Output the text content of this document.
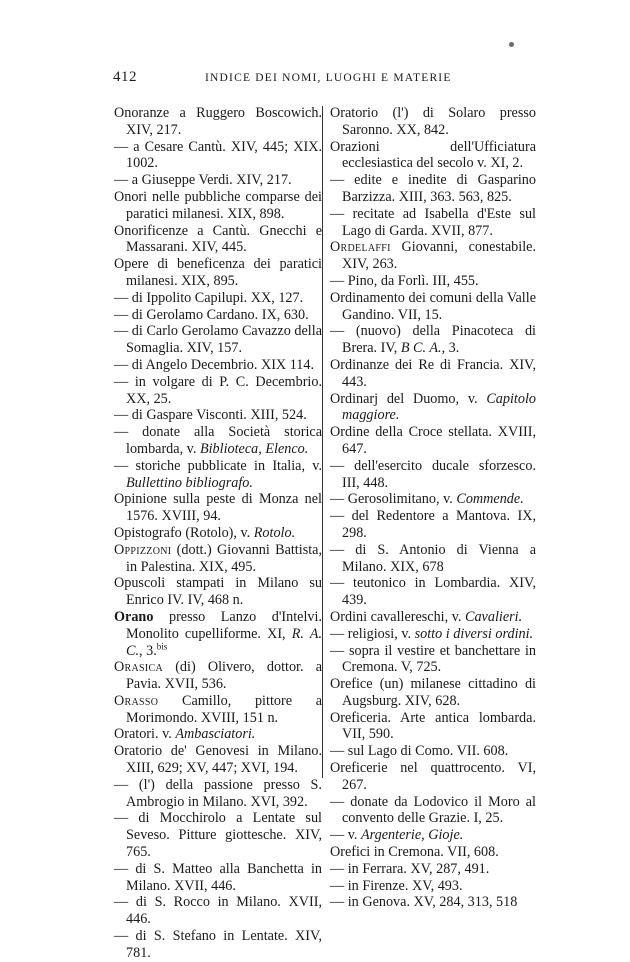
412	INDICE DEI NOMI, LUOGHI E MATERIE

Onoranze a Ruggero Boscowich. XIV, 217.

— a Cesare Cantù. XIV, 445; XIX. 1002.

— a Giuseppe Verdi. XIV, 217.

Onori nelle pubbliche comparse dei paratici milanesi. XIX, 898.

Onorificenze a Cantù. Gnecchi e Massarani. XIV, 445.

Opere di beneficenza dei paratici milanesi. XIX, 895.

— di Ippolito Capilupi. XX, 127.

— di Gerolamo Cardano. IX, 630.

— di Carlo Gerolamo Cavazzo della Somaglia. XIV, 157.

— di Angelo Decembrio. XIX 114.

— in volgare di P. C. Decembrio. XX, 25.

— di Gaspare Visconti. XIII, 524.

— donate alla Società storica lombarda, v. Biblioteca, Elenco.

— storiche pubblicate in Italia, v. Bullettino bibliografo.

Opinione sulla peste di Monza nel 1576. XVIII, 94.

Opistografo (Rotolo), v. Rotolo.

Oppizzoni (dott.) Giovanni Battista, in Palestina. XIX, 495.

Opuscoli stampati in Milano su Enrico IV. IV, 468 n.

Orano presso Lanzo d'Intelvi. Monolito cupelliforme. XI, R. A. C., 3.$^{bis}$

Orasica (di) Olivero, dottor. a Pavia. XVII, 536.

Orasso Camillo, pittore a Morimondo. XVIII, 151 n.

Oratori. v. Ambasciatori.

Oratorio de' Genovesi in Milano. XIII, 629; XV, 447; XVI, 194.

— (l') della passione presso S. Ambrogio in Milano. XVI, 392.

— di Mocchirolo a Lentate sul Seveso. Pitture giottesche. XIV, 765.

— di S. Matteo alla Banchetta in Milano. XVII, 446.

— di S. Rocco in Milano. XVII, 446.

— di S. Stefano in Lentate. XIV, 781.

Oratorio (l') di Solaro presso Saronno. XX, 842.

Orazioni dell'Ufficiatura ecclesiastica del secolo v. XI, 2.

— edite e inedite di Gasparino Barzizza. XIII, 363. 563, 825.

— recitate ad Isabella d'Este sul Lago di Garda. XVII, 877.

Ordelaffi Giovanni, conestabile. XIV, 263.

— Pino, da Forlì. III, 455.

Ordinamento dei comuni della Valle Gandino. VII, 15.

— (nuovo) della Pinacoteca di Brera. IV, B C. A., 3.

Ordinanze dei Re di Francia. XIV, 443.

Ordinarj del Duomo, v. Capitolo maggiore.

Ordine della Croce stellata. XVIII, 647.

— dell'esercito ducale sforzesco. III, 448.

— Gerosolimitano, v. Commende.

— del Redentore a Mantova. IX, 298.

— di S. Antonio di Vienna a Milano. XIX, 678

— teutonico in Lombardia. XIV, 439.

Ordini cavallereschi, v. Cavalieri.

— religiosi, v. sotto i diversi ordini.

— sopra il vestire et banchettare in Cremona. V, 725.

Orefice (un) milanese cittadino di Augsburg. XIV, 628.

Oreficeria. Arte antica lombarda. VII, 590.

— sul Lago di Como. VII. 608.

Oreficerie nel quattrocento. VI, 267.

— donate da Lodovico il Moro al convento delle Grazie. I, 25.

— v. Argenterie, Gioje.

Orefici in Cremona. VII, 608.

— in Ferrara. XV, 287, 491.

— in Firenze. XV, 493.

— in Genova. XV, 284, 313, 518
